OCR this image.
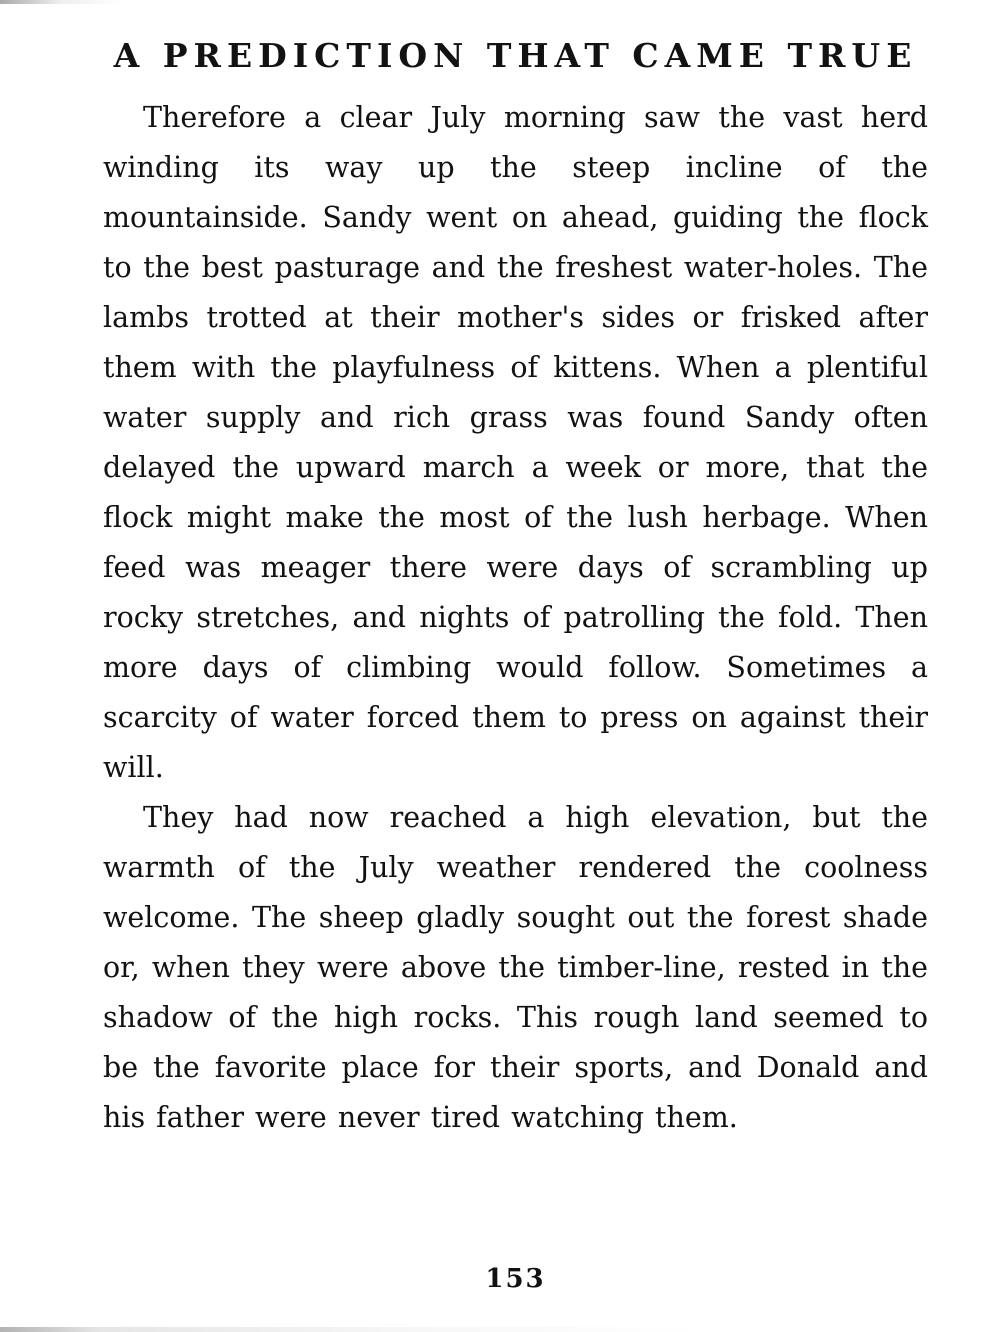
A PREDICTION THAT CAME TRUE

Therefore a clear July morning saw the vast herd winding its way up the steep incline of the mountainside. Sandy went on ahead, guiding the flock to the best pasturage and the freshest water-holes. The lambs trotted at their mother's sides or frisked after them with the playfulness of kittens. When a plentiful water supply and rich grass was found Sandy often delayed the upward march a week or more, that the flock might make the most of the lush herbage. When feed was meager there were days of scrambling up rocky stretches, and nights of patrolling the fold. Then more days of climbing would follow. Sometimes a scarcity of water forced them to press on against their will.

They had now reached a high elevation, but the warmth of the July weather rendered the coolness welcome. The sheep gladly sought out the forest shade or, when they were above the timber-line, rested in the shadow of the high rocks. This rough land seemed to be the favorite place for their sports, and Donald and his father were never tired watching them.

153
